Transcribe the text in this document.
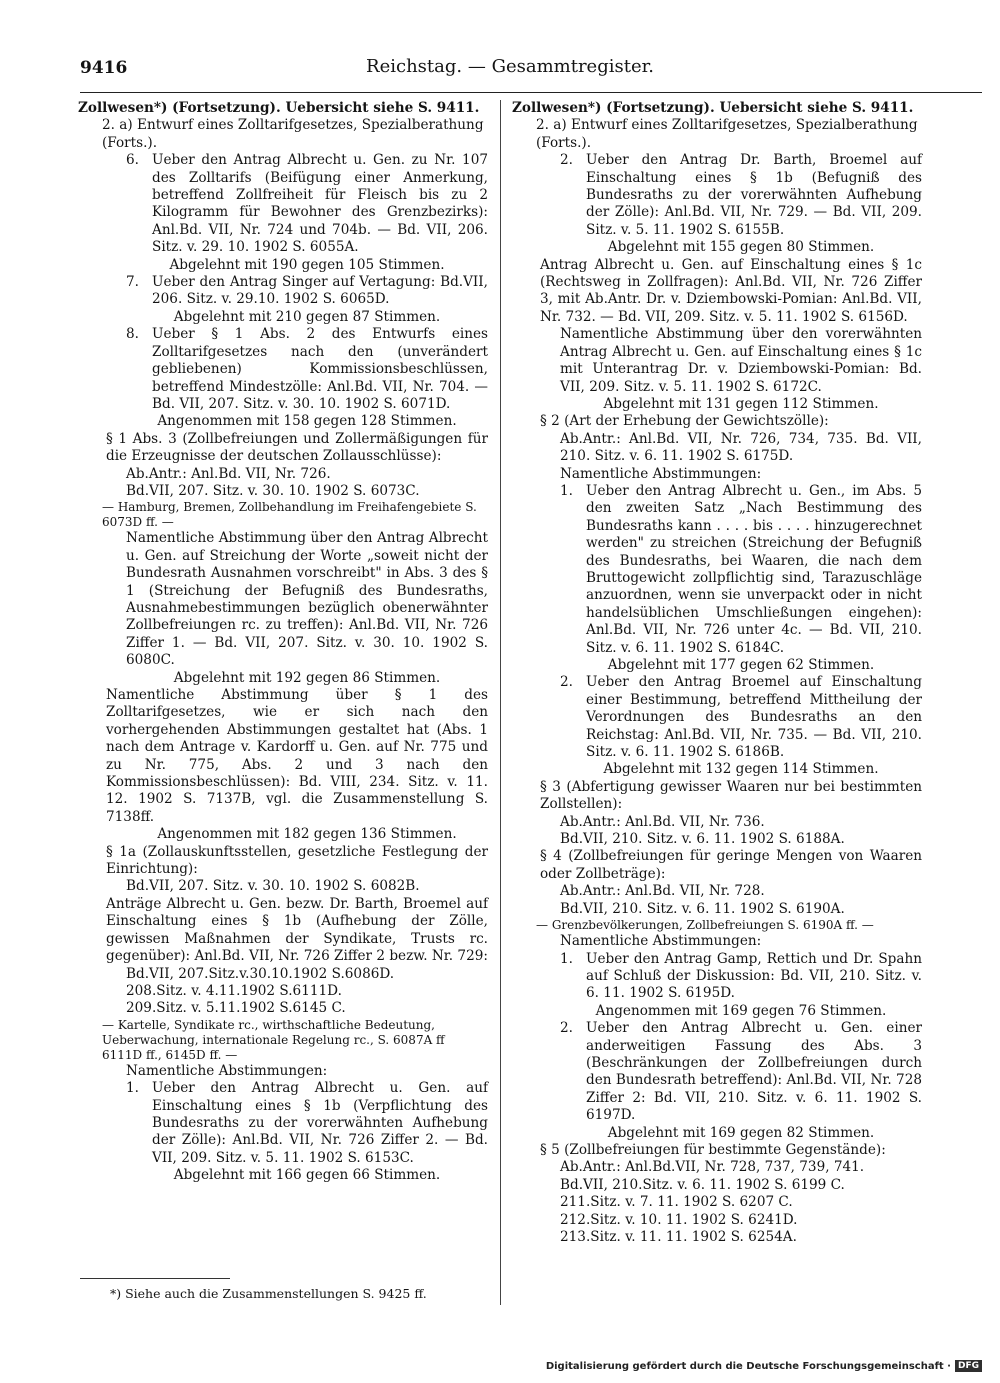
9416	Reichstag. — Gesammtregister.

Zollwesen*) (Fortsetzung). Uebersicht siehe S. 9411.

2. a) Entwurf eines Zolltarifgesetzes, Spezialberathung (Forts.).

6. Ueber den Antrag Albrecht u. Gen. zu Nr. 107 des Zolltarifs (Beifügung einer Anmerkung, betreffend Zollfreiheit für Fleisch bis zu 2 Kilogramm für Bewohner des Grenzbezirks): Anl.Bd. VII, Nr. 724 und 704b. — Bd. VII, 206. Sitz. v. 29. 10. 1902 S. 6055A.

Abgelehnt mit 190 gegen 105 Stimmen.

7. Ueber den Antrag Singer auf Vertagung: Bd.VII, 206. Sitz. v. 29.10. 1902 S. 6065D.

Abgelehnt mit 210 gegen 87 Stimmen.

8. Ueber § 1 Abs. 2 des Entwurfs eines Zolltarifgesetzes nach den (unverändert gebliebenen) Kommissionsbeschlüssen, betreffend Mindestzölle: Anl.Bd. VII, Nr. 704. — Bd. VII, 207. Sitz. v. 30. 10. 1902 S. 6071D.

Angenommen mit 158 gegen 128 Stimmen.

§ 1 Abs. 3 (Zollbefreiungen und Zollermäßigungen für die Erzeugnisse der deutschen Zollausschlüsse):

Ab.Antr.: Anl.Bd. VII, Nr. 726.

Bd.VII, 207. Sitz. v. 30. 10. 1902 S. 6073C.

— Hamburg, Bremen, Zollbehandlung im Freihafengebiete S. 6073D ff. —

Namentliche Abstimmung über den Antrag Albrecht u. Gen. auf Streichung der Worte „soweit nicht der Bundesrath Ausnahmen vorschreibt" in Abs. 3 des § 1 (Streichung der Befugniß des Bundesraths, Ausnahmebestimmungen bezüglich obenerwähnter Zollbefreiungen rc. zu treffen): Anl.Bd. VII, Nr. 726 Ziffer 1. — Bd. VII, 207. Sitz. v. 30. 10. 1902 S. 6080C.

Abgelehnt mit 192 gegen 86 Stimmen.

Namentliche Abstimmung über § 1 des Zolltarifgesetzes, wie er sich nach den vorhergehenden Abstimmungen gestaltet hat (Abs. 1 nach dem Antrage v. Kardorff u. Gen. auf Nr. 775 und zu Nr. 775, Abs. 2 und 3 nach den Kommissionsbeschlüssen): Bd. VIII, 234. Sitz. v. 11. 12. 1902 S. 7137B, vgl. die Zusammenstellung S. 7138ff.

Angenommen mit 182 gegen 136 Stimmen.

§ 1a (Zollauskunftsstellen, gesetzliche Festlegung der Einrichtung):

Bd.VII, 207. Sitz. v. 30. 10. 1902 S. 6082B.

Anträge Albrecht u. Gen. bezw. Dr. Barth, Broemel auf Einschaltung eines § 1b (Aufhebung der Zölle, gewissen Maßnahmen der Syndikate, Trusts rc. gegenüber): Anl.Bd. VII, Nr. 726 Ziffer 2 bezw. Nr. 729:

Bd.VII, 207.Sitz.v.30.10.1902 S.6086D.

208.Sitz. v. 4.11.1902 S.6111D.

209.Sitz. v. 5.11.1902 S.6145 C.

— Kartelle, Syndikate rc., wirthschaftliche Bedeutung, Ueberwachung, internationale Regelung rc., S. 6087A ff 6111D ff., 6145D ff. —

Namentliche Abstimmungen:

1. Ueber den Antrag Albrecht u. Gen. auf Einschaltung eines § 1b (Verpflichtung des Bundesraths zu der vorerwähnten Aufhebung der Zölle): Anl.Bd. VII, Nr. 726 Ziffer 2. — Bd. VII, 209. Sitz. v. 5. 11. 1902 S. 6153C.

Abgelehnt mit 166 gegen 66 Stimmen.

Zollwesen*) (Fortsetzung). Uebersicht siehe S. 9411.

2. a) Entwurf eines Zolltarifgesetzes, Spezialberathung (Forts.).

2. Ueber den Antrag Dr. Barth, Broemel auf Einschaltung eines § 1b (Befugniß des Bundesraths zu der vorerwähnten Aufhebung der Zölle): Anl.Bd. VII, Nr. 729. — Bd. VII, 209. Sitz. v. 5. 11. 1902 S. 6155B.

Abgelehnt mit 155 gegen 80 Stimmen.

Antrag Albrecht u. Gen. auf Einschaltung eines § 1c (Rechtsweg in Zollfragen): Anl.Bd. VII, Nr. 726 Ziffer 3, mit Ab.Antr. Dr. v. Dziembowski-Pomian: Anl.Bd. VII, Nr. 732. — Bd. VII, 209. Sitz. v. 5. 11. 1902 S. 6156D.

Namentliche Abstimmung über den vorerwähnten Antrag Albrecht u. Gen. auf Einschaltung eines § 1c mit Unterantrag Dr. v. Dziembowski-Pomian: Bd. VII, 209. Sitz. v. 5. 11. 1902 S. 6172C.

Abgelehnt mit 131 gegen 112 Stimmen.

§ 2 (Art der Erhebung der Gewichtszölle):

Ab.Antr.: Anl.Bd. VII, Nr. 726, 734, 735. Bd. VII, 210. Sitz. v. 6. 11. 1902 S. 6175D.

Namentliche Abstimmungen:

1. Ueber den Antrag Albrecht u. Gen., im Abs. 5 den zweiten Satz „Nach Bestimmung des Bundesraths kann . . . . bis . . . . hinzugerechnet werden" zu streichen (Streichung der Befugniß des Bundesraths, bei Waaren, die nach dem Bruttogewicht zollpflichtig sind, Tarazuschläge anzuordnen, wenn sie unverpackt oder in nicht handelsüblichen Umschließungen eingehen): Anl.Bd. VII, Nr. 726 unter 4c. — Bd. VII, 210. Sitz. v. 6. 11. 1902 S. 6184C.

Abgelehnt mit 177 gegen 62 Stimmen.

2. Ueber den Antrag Broemel auf Einschaltung einer Bestimmung, betreffend Mittheilung der Verordnungen des Bundesraths an den Reichstag: Anl.Bd. VII, Nr. 735. — Bd. VII, 210. Sitz. v. 6. 11. 1902 S. 6186B.

Abgelehnt mit 132 gegen 114 Stimmen.

§ 3 (Abfertigung gewisser Waaren nur bei bestimmten Zollstellen):

Ab.Antr.: Anl.Bd. VII, Nr. 736.

Bd.VII, 210. Sitz. v. 6. 11. 1902 S. 6188A.

§ 4 (Zollbefreiungen für geringe Mengen von Waaren oder Zollbeträge):

Ab.Antr.: Anl.Bd. VII, Nr. 728.

Bd.VII, 210. Sitz. v. 6. 11. 1902 S. 6190A.

— Grenzbevölkerungen, Zollbefreiungen S. 6190A ff. —

Namentliche Abstimmungen:

1. Ueber den Antrag Gamp, Rettich und Dr. Spahn auf Schluß der Diskussion: Bd. VII, 210. Sitz. v. 6. 11. 1902 S. 6195D.

Angenommen mit 169 gegen 76 Stimmen.

2. Ueber den Antrag Albrecht u. Gen. einer anderweitigen Fassung des Abs. 3 (Beschränkungen der Zollbefreiungen durch den Bundesrath betreffend): Anl.Bd. VII, Nr. 728 Ziffer 2: Bd. VII, 210. Sitz. v. 6. 11. 1902 S. 6197D.

Abgelehnt mit 169 gegen 82 Stimmen.

§ 5 (Zollbefreiungen für bestimmte Gegenstände):

Ab.Antr.: Anl.Bd.VII, Nr. 728, 737, 739, 741.

Bd.VII, 210.Sitz. v. 6. 11. 1902 S. 6199 C.

211.Sitz. v. 7. 11. 1902 S. 6207 C.

212.Sitz. v. 10. 11. 1902 S. 6241D.

213.Sitz. v. 11. 11. 1902 S. 6254A.

*) Siehe auch die Zusammenstellungen S. 9425 ff.
Digitalisierung gefördert durch die Deutsche Forschungsgemeinschaft · DFG
